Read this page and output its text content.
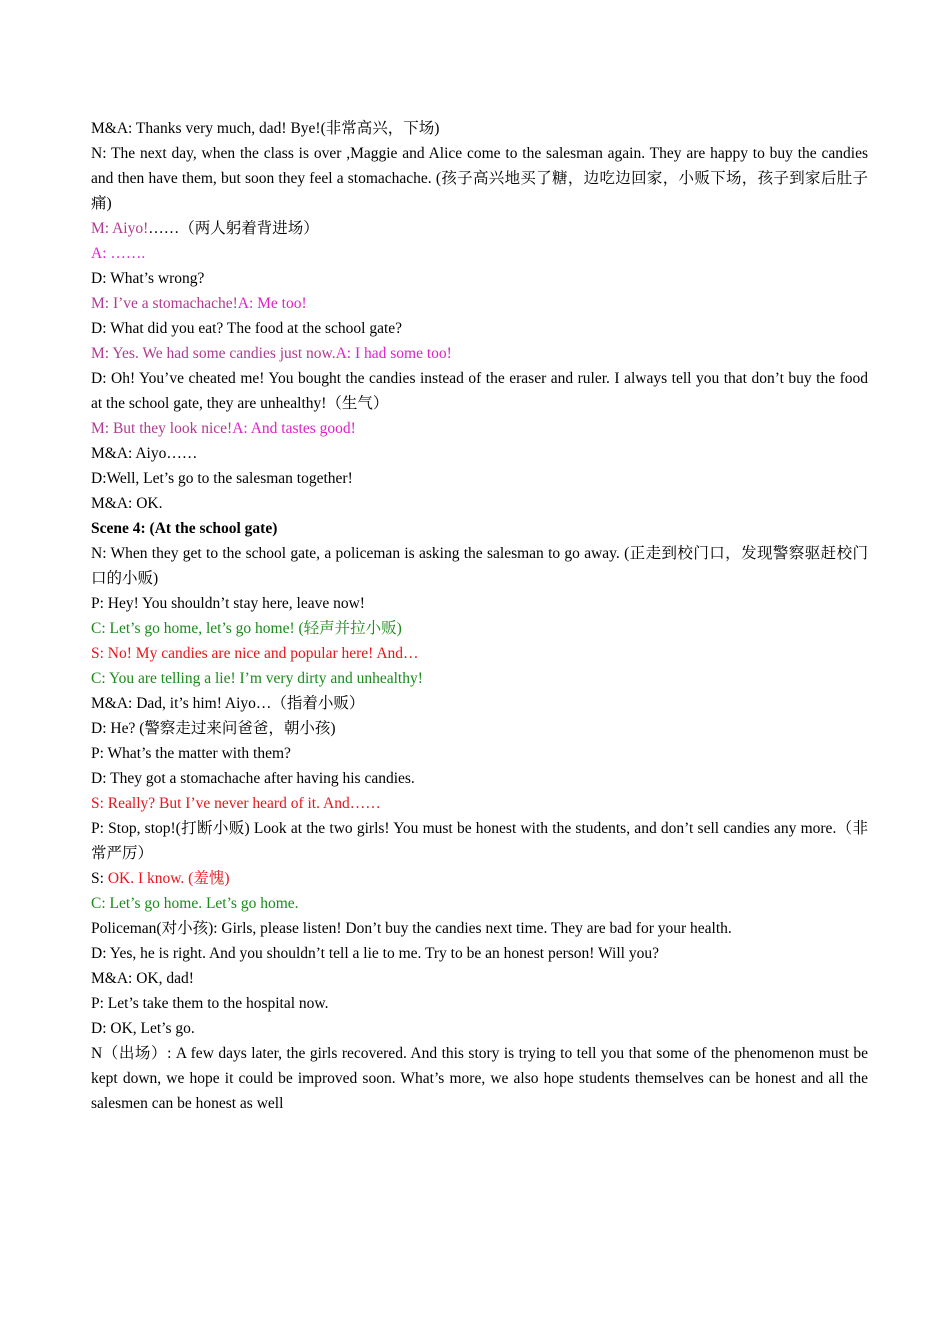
M&A: Thanks very much, dad! Bye!(非常高兴，下场)

N: The next day, when the class is over ,Maggie and Alice come to the salesman again. They are happy to buy the candies and then have them, but soon they feel a stomachache. (孩子高兴地买了糖，边吃边回家，小贩下场，孩子到家后肚子痛)

M: Aiyo!……（两人躬着背进场）

A: …….

D: What’s wrong?

M: I’ve a stomachache!A: Me too!

D: What did you eat? The food at the school gate?

M: Yes. We had some candies just now.A: I had some too!

D: Oh! You’ve cheated me! You bought the candies instead of the eraser and ruler. I always tell you that don’t buy the food at the school gate, they are unhealthy!（生气）

M: But they look nice!A: And tastes good!

M&A: Aiyo……

D:Well, Let’s go to the salesman together!

M&A: OK.

Scene 4: (At the school gate)

N: When they get to the school gate, a policeman is asking the salesman to go away. (正走到校门口，发现警察驱赶校门口的小贩)

P: Hey! You shouldn’t stay here, leave now!

C: Let’s go home, let’s go home! (轻声并拉小贩)

S: No! My candies are nice and popular here! And…

C: You are telling a lie! I’m very dirty and unhealthy!

M&A: Dad, it’s him! Aiyo…（指着小贩）

D: He? (警察走过来问爸爸，朝小孩)

P: What’s the matter with them?

D: They got a stomachache after having his candies.

S: Really? But I’ve never heard of it. And……

P: Stop, stop!(打断小贩) Look at the two girls! You must be honest with the students, and don’t sell candies any more.（非常严厉）

S: OK. I know. (羞愧)

C: Let’s go home. Let’s go home.

Policeman(对小孩): Girls, please listen! Don’t buy the candies next time. They are bad for your health.

D: Yes, he is right. And you shouldn’t tell a lie to me. Try to be an honest person! Will you?

M&A: OK, dad!

P: Let’s take them to the hospital now.

D: OK, Let’s go.

N（出场）: A few days later, the girls recovered. And this story is trying to tell you that some of the phenomenon must be kept down, we hope it could be improved soon. What’s more, we also hope students themselves can be honest and all the salesmen can be honest as well
